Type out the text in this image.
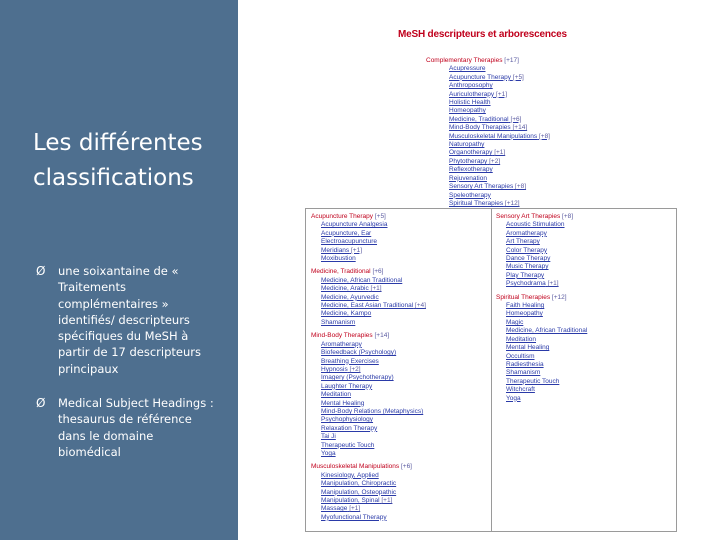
Les différentes classifications
Ø une soixantaine de « Traitements complémentaires » identifiés/ descripteurs spécifiques du MeSH à partir de 17 descripteurs principaux
Ø Medical Subject Headings : thesaurus de référence dans le domaine biomédical
MeSH descripteurs et arborescences
Complementary Therapies [+17]
Acupressure
Acupuncture Therapy [+5]
Anthroposophy
Auriculotherapy [+1]
Holistic Health
Homeopathy
Medicine, Traditional [+6]
Mind-Body Therapies [+14]
Musculoskeletal Manipulations [+8]
Naturopathy
Organotherapy [+1]
Phytotherapy [+2]
Reflexotherapy
Rejuvenation
Sensory Art Therapies [+8]
Speleotherapy
Spiritual Therapies [+12]
Acupuncture Therapy [+5]
Acupuncture Analgesia
Acupuncture, Ear
Electroacupuncture
Meridians [+1]
Moxibustion
Medicine, Traditional [+6]
Medicine, African Traditional
Medicine, Arabic [+1]
Medicine, Ayurvedic
Medicine, East Asian Traditional [+4]
Medicine, Kampo
Shamanism
Mind-Body Therapies [+14]
Aromatherapy
Biofeedback (Psychology)
Breathing Exercises
Hypnosis [+2]
Imagery (Psychotherapy)
Laughter Therapy
Meditation
Mental Healing
Mind-Body Relations (Metaphysics)
Psychophysiology
Relaxation Therapy
Tai Ji
Therapeutic Touch
Yoga
Musculoskeletal Manipulations [+6]
Kinesiology, Applied
Manipulation, Chiropractic
Manipulation, Osteopathic
Manipulation, Spinal [+1]
Massage [+1]
Myofunctional Therapy
Sensory Art Therapies [+8]
Acoustic Stimulation
Aromatherapy
Art Therapy
Color Therapy
Dance Therapy
Music Therapy
Play Therapy
Psychodrama [+1]
Spiritual Therapies [+12]
Faith Healing
Homeopathy
Magic
Medicine, African Traditional
Meditation
Mental Healing
Occultism
Radiesthesia
Shamanism
Therapeutic Touch
Witchcraft
Yoga
